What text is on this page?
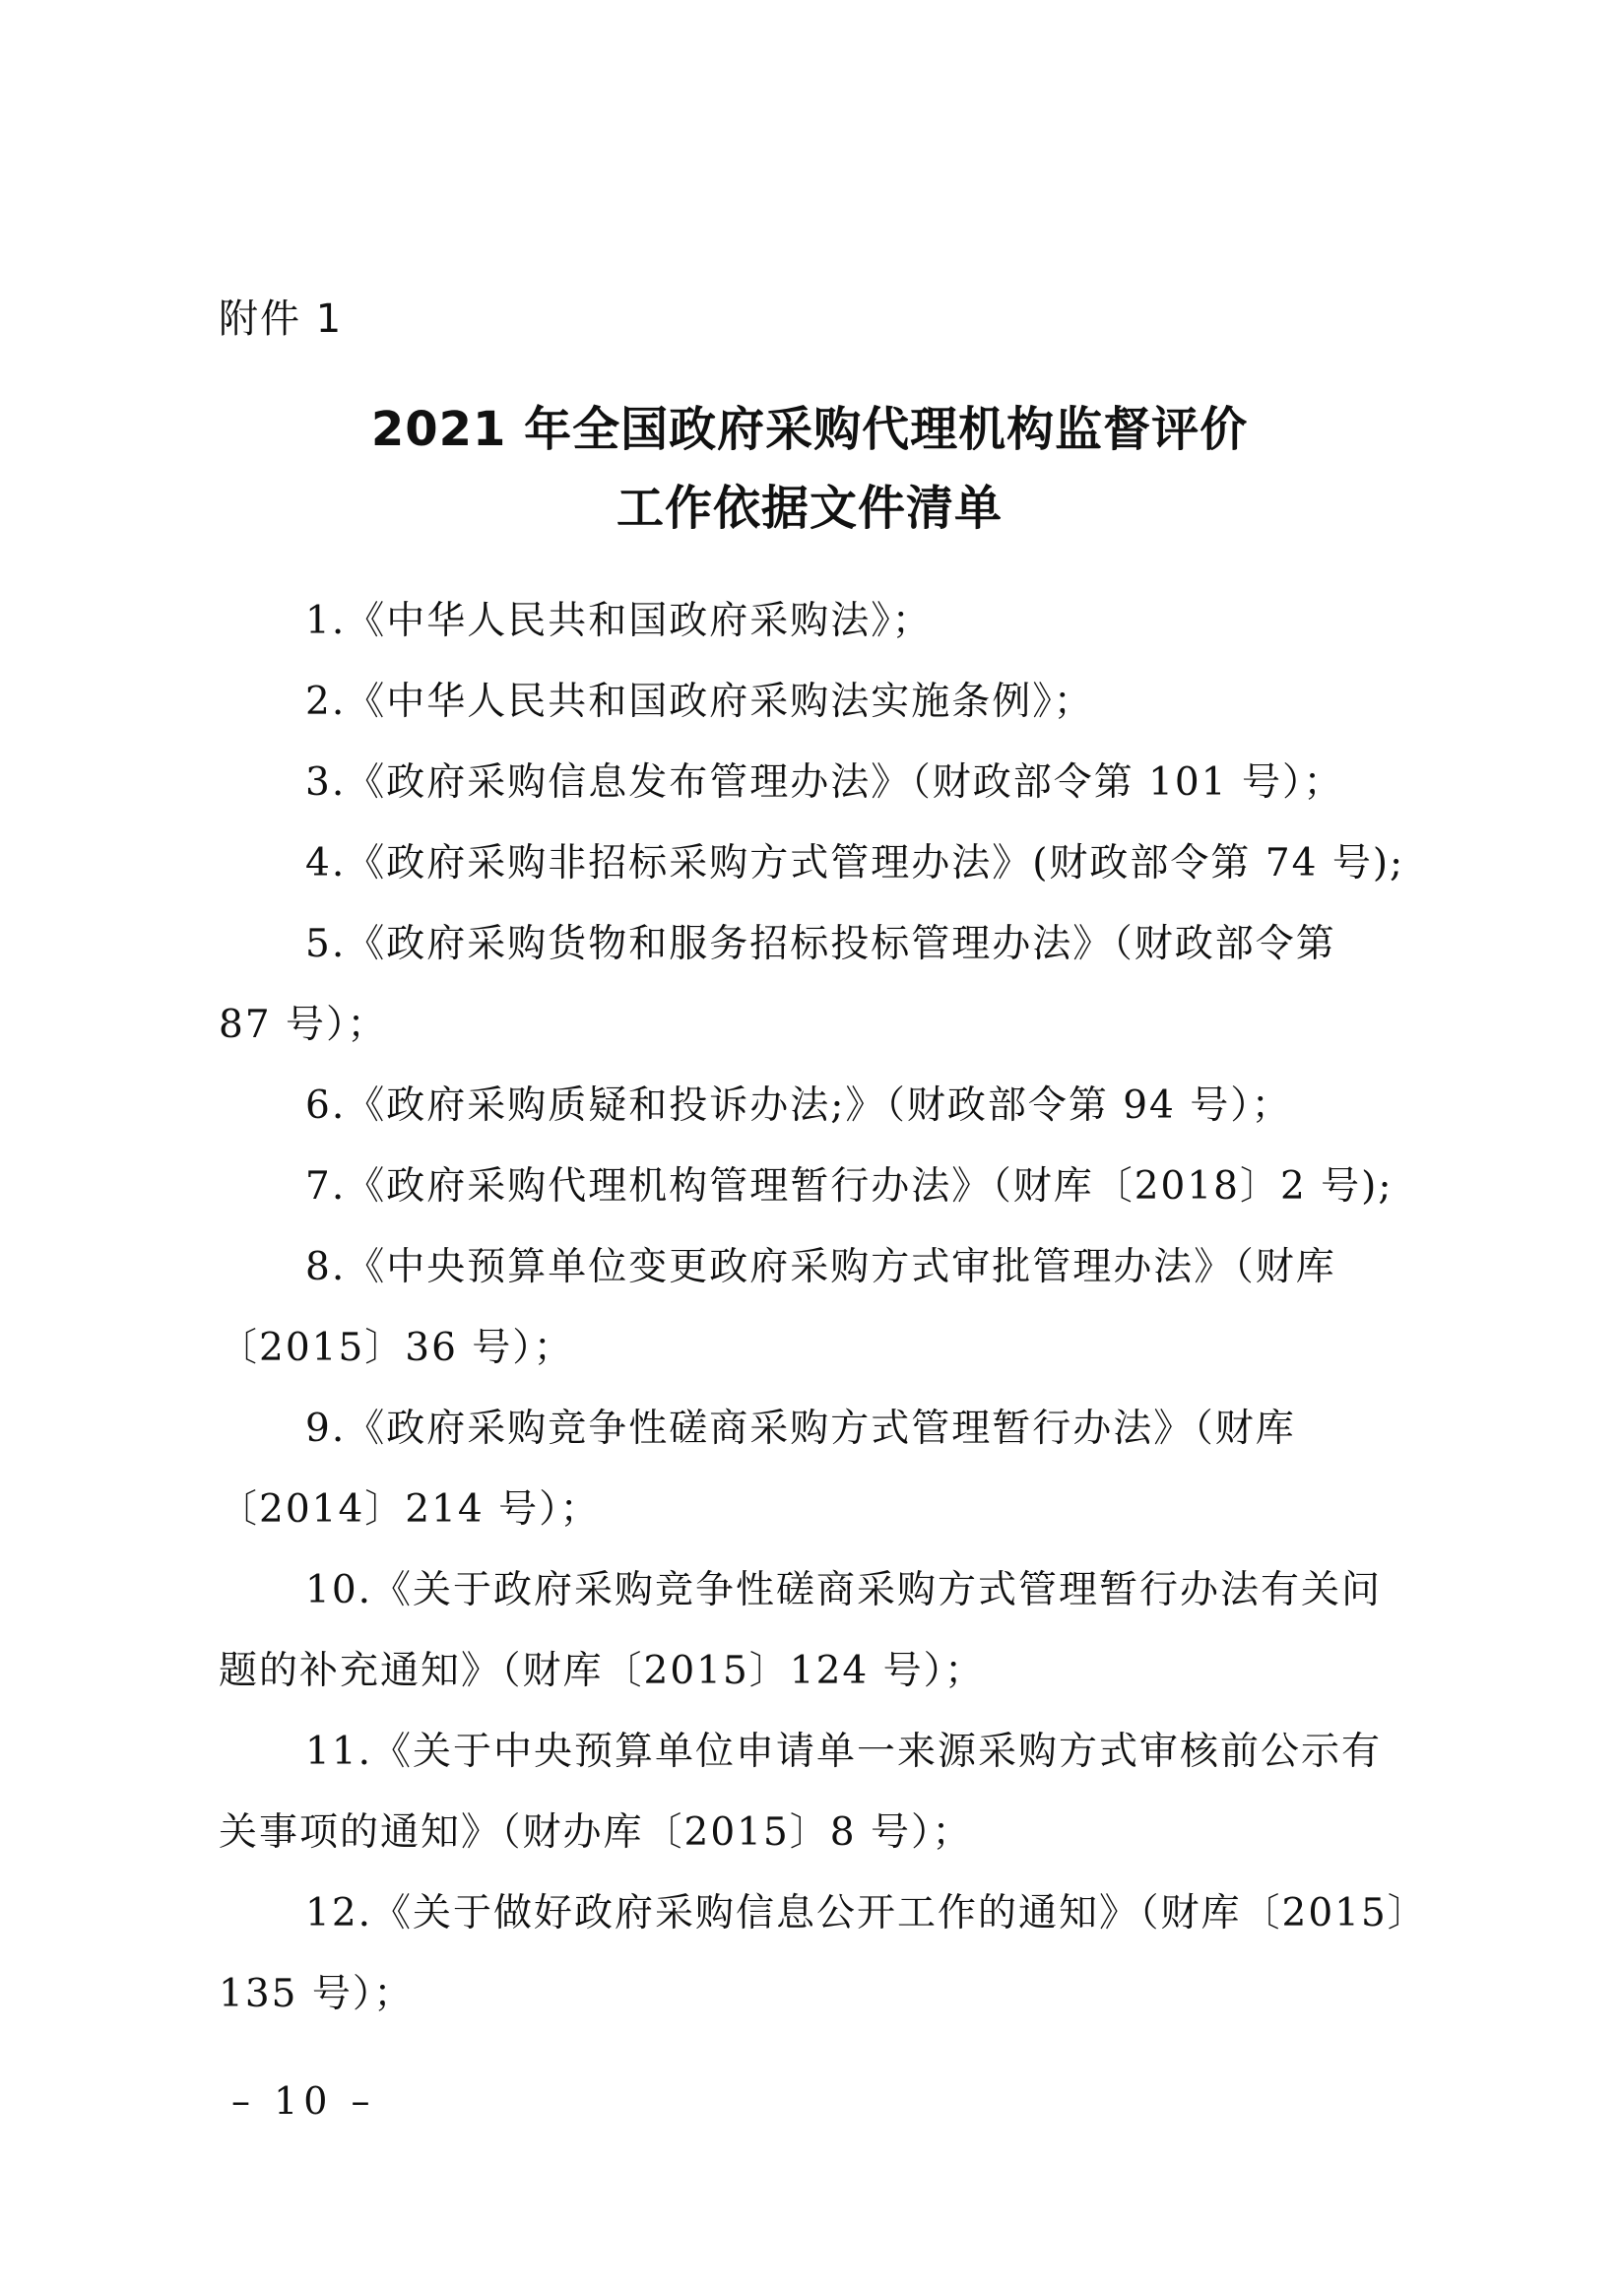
附件 1
2021 年全国政府采购代理机构监督评价
工作依据文件清单
1.《中华人民共和国政府采购法》；
2.《中华人民共和国政府采购法实施条例》；
3.《政府采购信息发布管理办法》（财政部令第 101 号）；
4.《政府采购非招标采购方式管理办法》(财政部令第 74 号);
5.《政府采购货物和服务招标投标管理办法》（财政部令第
87 号）；
6.《政府采购质疑和投诉办法;》（财政部令第 94 号）；
7.《政府采购代理机构管理暂行办法》（财库〔2018〕2 号);
8.《中央预算单位变更政府采购方式审批管理办法》（财库
〔2015〕36 号）；
9.《政府采购竞争性磋商采购方式管理暂行办法》（财库
〔2014〕214 号）；
10.《关于政府采购竞争性磋商采购方式管理暂行办法有关问
题的补充通知》（财库〔2015〕124 号）；
11.《关于中央预算单位申请单一来源采购方式审核前公示有
关事项的通知》（财办库〔2015〕8 号）；
12.《关于做好政府采购信息公开工作的通知》（财库〔2015〕
135 号）；
– 10 –
